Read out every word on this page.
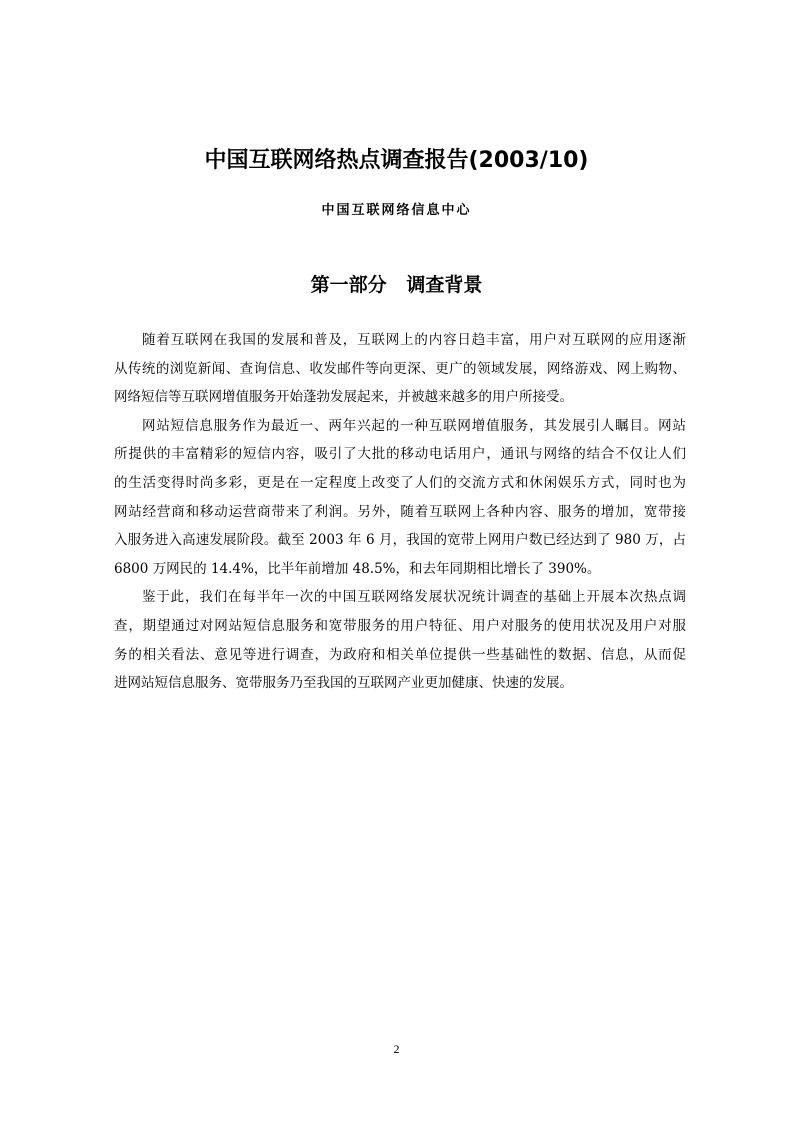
中国互联网络热点调查报告(2003/10)
中国互联网络信息中心
第一部分   调查背景
随着互联网在我国的发展和普及，互联网上的内容日趋丰富，用户对互联网的应用逐渐
从传统的浏览新闻、查询信息、收发邮件等向更深、更广的领域发展，网络游戏、网上购物、
网络短信等互联网增值服务开始蓬勃发展起来，并被越来越多的用户所接受。
网站短信息服务作为最近一、两年兴起的一种互联网增值服务，其发展引人瞩目。网站
所提供的丰富精彩的短信内容，吸引了大批的移动电话用户，通讯与网络的结合不仅让人们
的生活变得时尚多彩，更是在一定程度上改变了人们的交流方式和休闲娱乐方式，同时也为
网站经营商和移动运营商带来了利润。另外，随着互联网上各种内容、服务的增加，宽带接
入服务进入高速发展阶段。截至 2003 年 6 月，我国的宽带上网用户数已经达到了 980 万，占
6800 万网民的 14.4%，比半年前增加 48.5%，和去年同期相比增长了 390%。
鉴于此，我们在每半年一次的中国互联网络发展状况统计调查的基础上开展本次热点调
查，期望通过对网站短信息服务和宽带服务的用户特征、用户对服务的使用状况及用户对服
务的相关看法、意见等进行调查，为政府和相关单位提供一些基础性的数据、信息，从而促
进网站短信息服务、宽带服务乃至我国的互联网产业更加健康、快速的发展。
2
